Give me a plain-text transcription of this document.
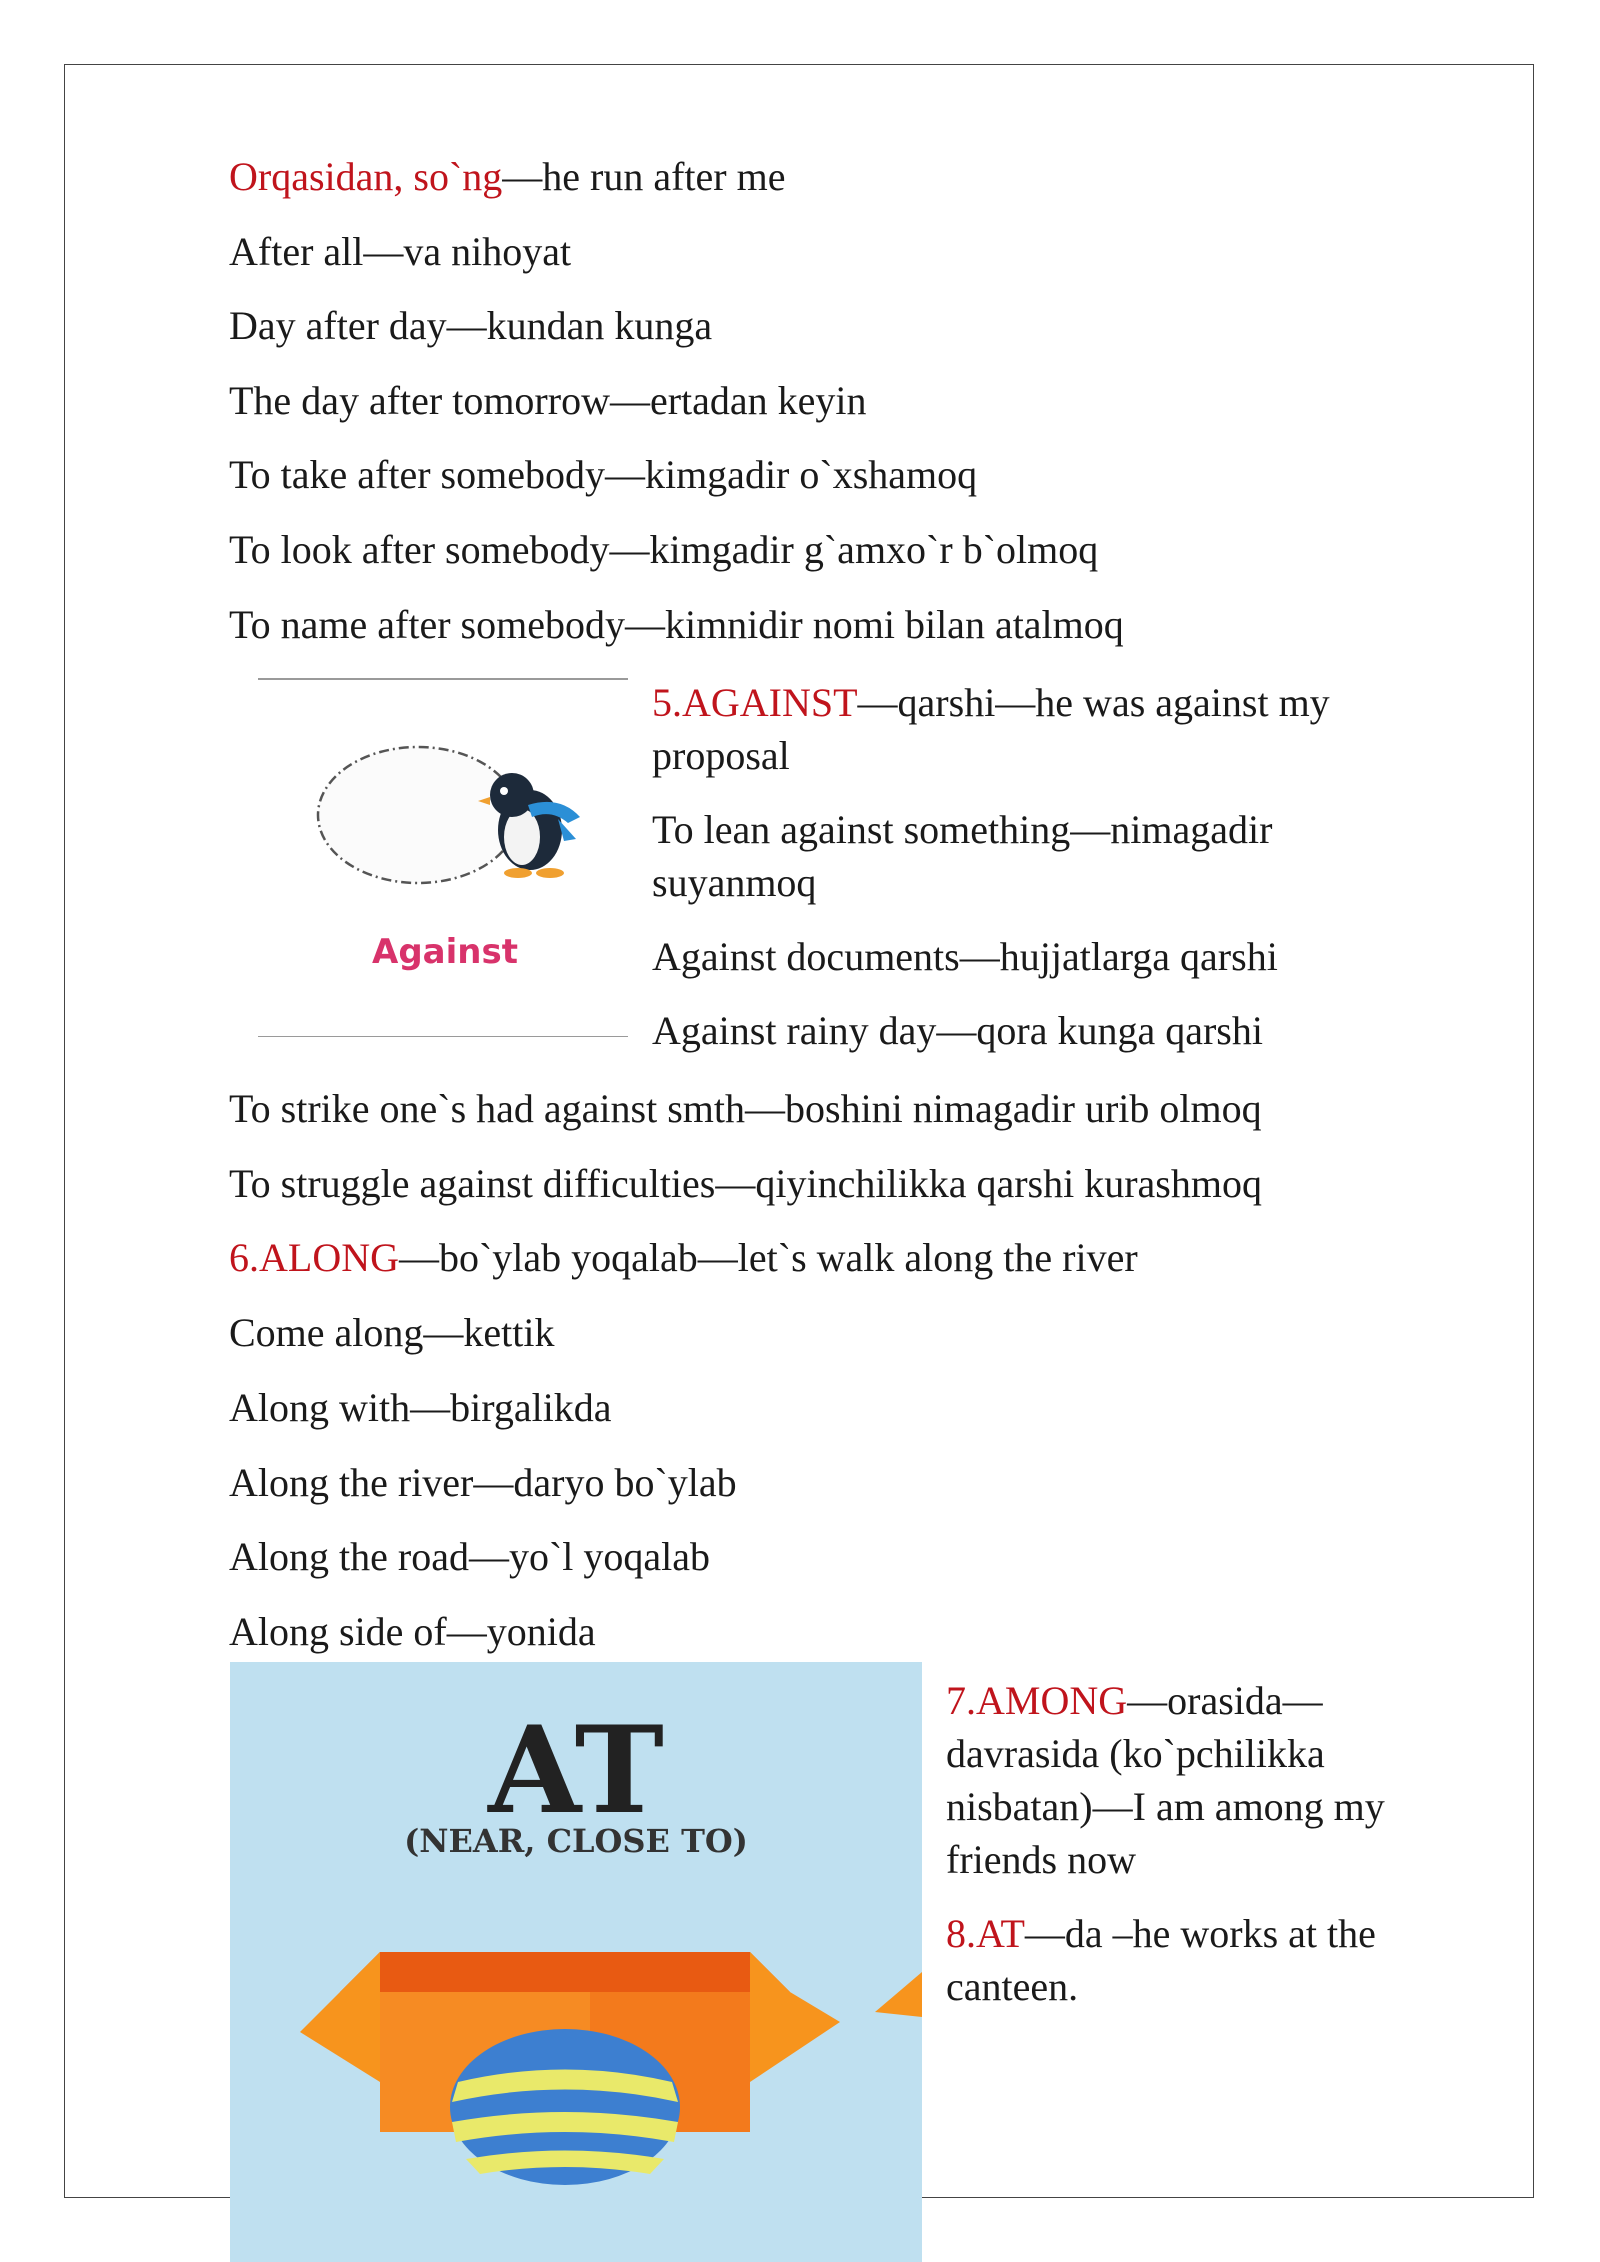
Orqasidan, so`ng—he run after me
After all—va nihoyat
Day after day—kundan kunga
The day after tomorrow—ertadan keyin
To take after somebody—kimgadir o`xshamoq
To look after somebody—kimgadir g`amxo`r b`olmoq
To name after somebody—kimnidir nomi bilan atalmoq
Against

5.AGAINST—qarshi—he was against my proposal

To lean against something—nimagadir suyanmoq

Against documents—hujjatlarga qarshi

Against rainy day—qora kunga qarshi

To strike one`s had against smth—boshini nimagadir urib olmoq
To struggle against difficulties—qiyinchilikka qarshi kurashmoq
6.ALONG—bo`ylab yoqalab—let`s walk along the river
Come along—kettik
Along with—birgalikda
Along the river—daryo bo`ylab
Along the road—yo`l yoqalab
Along side of—yonida
AT
(NEAR, CLOSE TO)

7.AMONG—orasida—davrasida (ko`pchilikka nisbatan)—I am among my friends now

8.AT—da –he works at the canteen.
